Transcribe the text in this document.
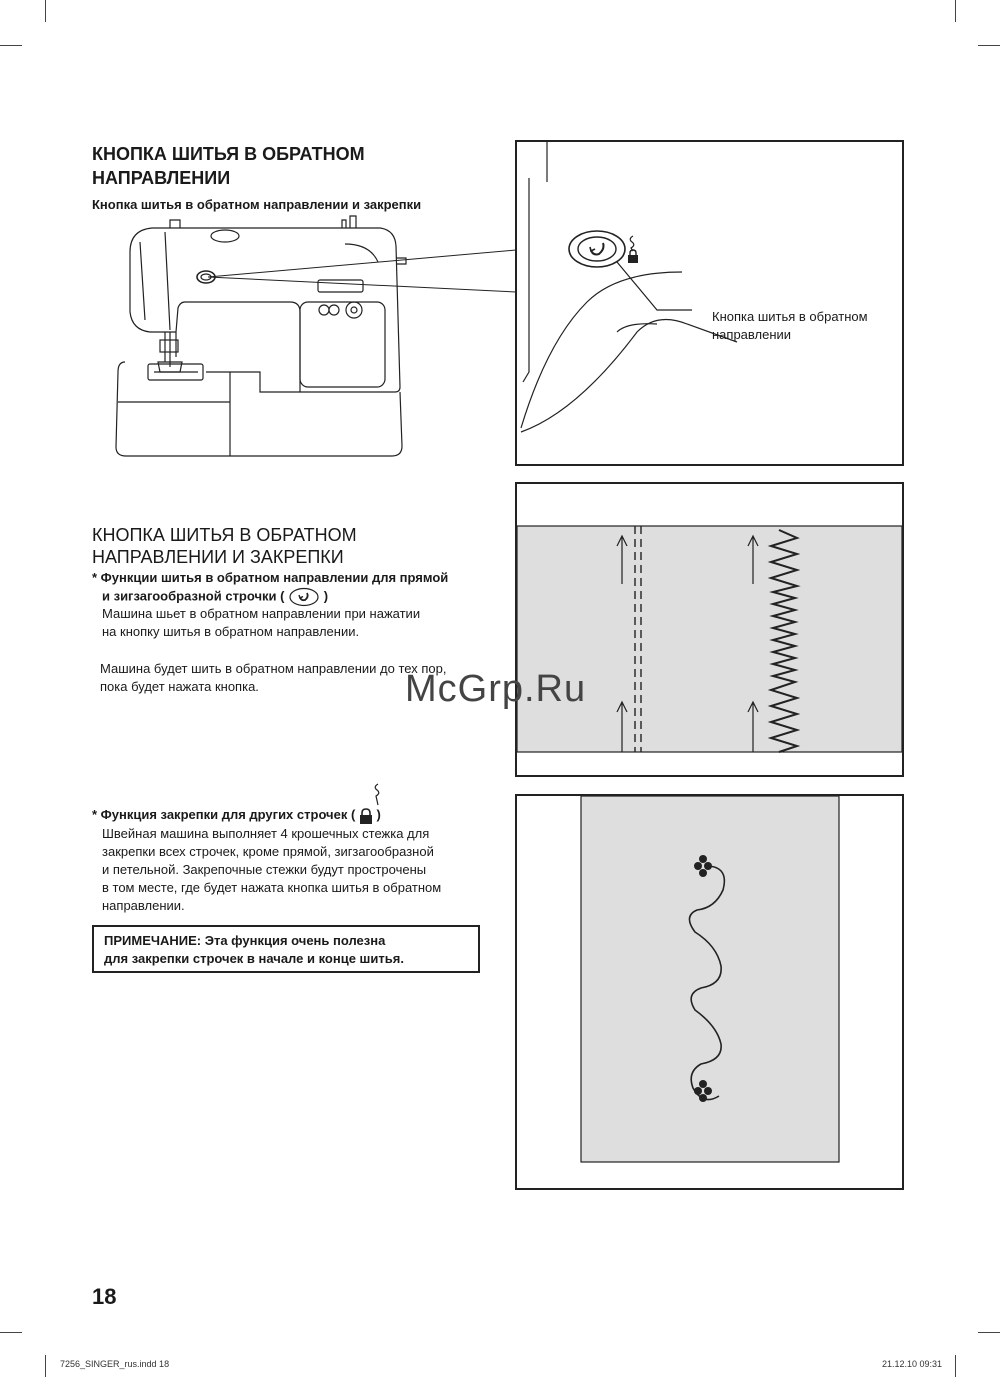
КНОПКА ШИТЬЯ В ОБРАТНОМ
НАПРАВЛЕНИИ
Кнопка шитья в обратном направлении и закрепки
Кнопка шитья в обратном
направлении
КНОПКА ШИТЬЯ В ОБРАТНОМ
НАПРАВЛЕНИИ И ЗАКРЕПКИ
* Функции шитья в обратном направлении для прямой
и зигзагообразной строчки (	)
Машина шьет в обратном направлении при нажатии
на кнопку шитья в обратном направлении.
Машина будет шить в обратном направлении до тех пор,
пока будет нажата кнопка.	McGrp.Ru
* Функция закрепки для других строчек ( )
Швейная машина выполняет 4 крошечных стежка для
закрепки всех строчек, кроме прямой, зигзагообразной
и петельной. Закрепочные стежки будут прострочены
в том месте, где будет нажата кнопка шитья в обратном
направлении.
ПРИМЕЧАНИЕ: Эта функция очень полезна
для закрепки строчек в начале и конце шитья.
18
7256_SINGER_rus.indd 18	21.12.10 09:31
